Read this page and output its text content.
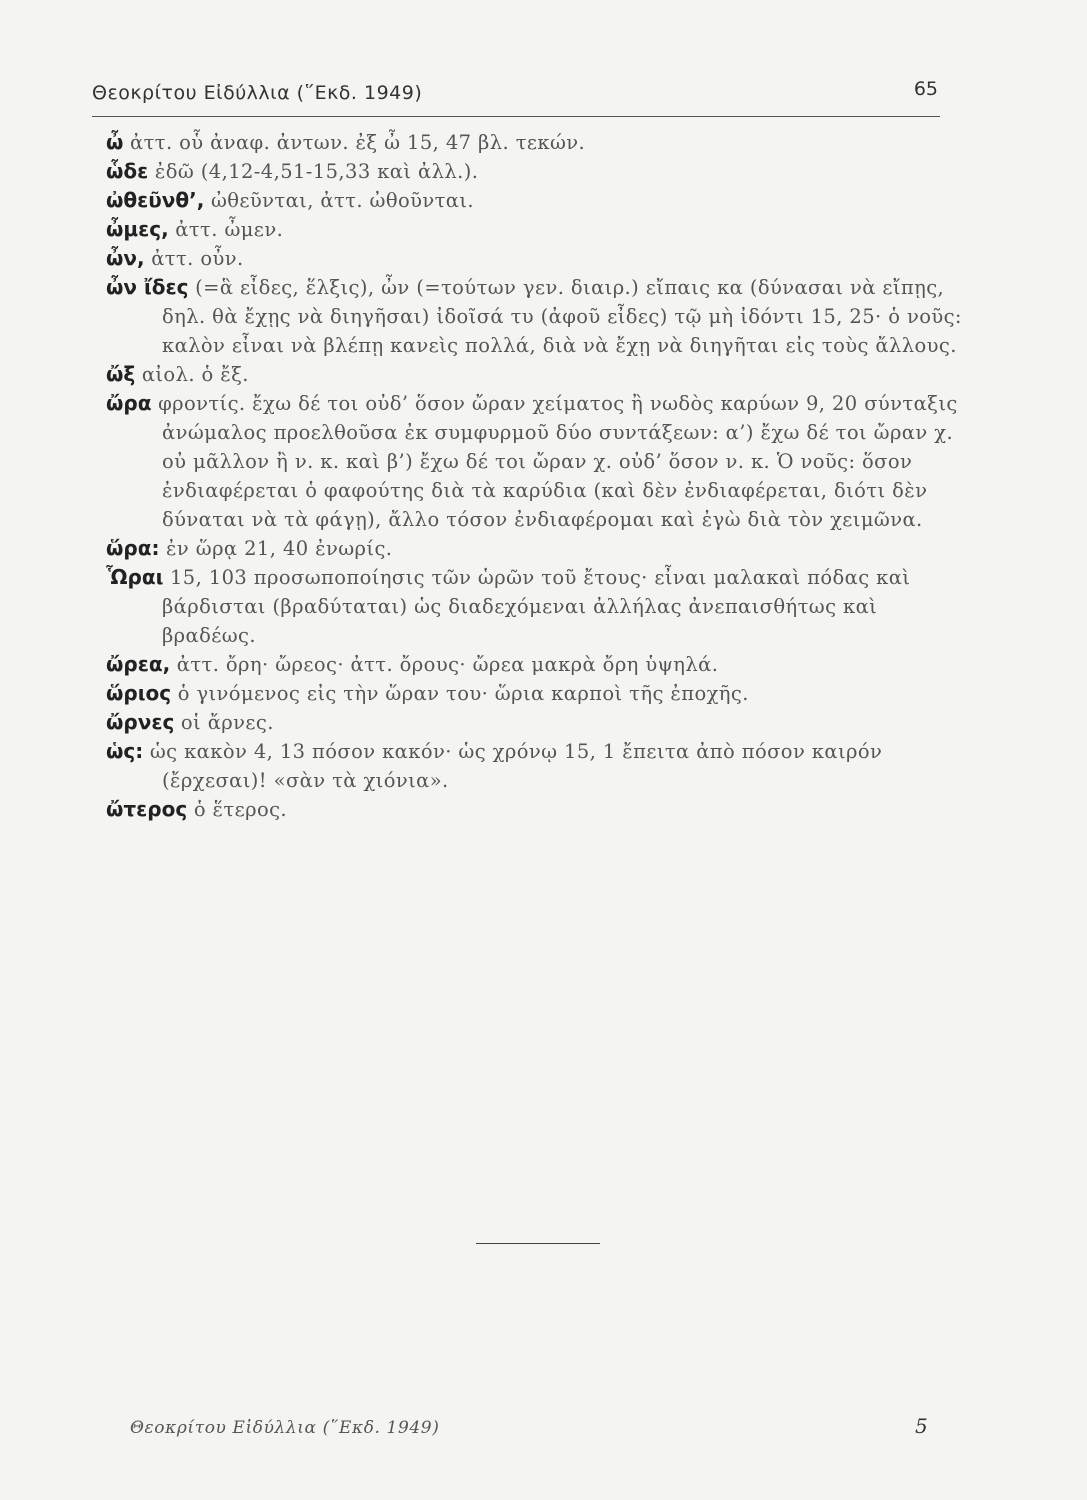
Θεοκρίτου Εἰδύλλια (῞Εκδ. 1949)	65

ὦ ἀττ. οὗ ἀναφ. ἀντων. ἐξ ὦ 15, 47 βλ. τεκών.

ὧδε ἐδῶ (4,12-4,51-15,33 καὶ ἀλλ.).

ὠθεῦνθ’, ὠθεῦνται, ἀττ. ὠθοῦνται.

ὦμες, ἀττ. ὦμεν.

ὦν, ἀττ. οὖν.

ὦν ἴδες (=ἃ εἶδες, ἕλξις), ὦν (=τούτων γεν. διαιρ.) εἴπαις κα (δύνασαι νὰ εἴπῃς, δηλ. θὰ ἔχῃς νὰ διηγῆσαι) ἰδοῖσά τυ (ἀφοῦ εἶδες) τῷ μὴ ἰδόντι 15, 25· ὁ νοῦς: καλὸν εἶναι νὰ βλέπῃ κανεὶς πολλά, διὰ νὰ ἔχῃ νὰ διηγῆται εἰς τοὺς ἄλλους.

ὤξ αἰολ. ὁ ἔξ.

ὤρα φροντίς. ἔχω δέ τοι οὐδ’ ὅσον ὤραν χείματος ἢ νωδὸς καρύων 9, 20 σύνταξις ἀνώμαλος προελθοῦσα ἐκ συμφυρμοῦ δύο συντάξεων: α’) ἔχω δέ τοι ὤραν χ. οὐ μᾶλλον ἢ ν. κ. καὶ β’) ἔχω δέ τοι ὤραν χ. οὐδ’ ὅσον ν. κ. Ὁ νοῦς: ὅσον ἐνδιαφέρεται ὁ φαφούτης διὰ τὰ καρύδια (καὶ δὲν ἐνδιαφέρεται, διότι δὲν δύναται νὰ τὰ φάγῃ), ἄλλο τόσον ἐνδιαφέρομαι καὶ ἐγὼ διὰ τὸν χειμῶνα.

ὥρα: ἐν ὥρᾳ 21, 40 ἐνωρίς.

Ὧραι 15, 103 προσωποποίησις τῶν ὡρῶν τοῦ ἔτους· εἶναι μαλακαὶ πόδας καὶ βάρδισται (βραδύταται) ὡς διαδεχόμεναι ἀλλήλας ἀνεπαισθήτως καὶ βραδέως.

ὤρεα, ἀττ. ὄρη· ὤρεος· ἀττ. ὄρους· ὤρεα μακρὰ ὄρη ὑψηλά.

ὥριος ὁ γινόμενος εἰς τὴν ὥραν του· ὥρια καρποὶ τῆς ἐποχῆς.

ὤρνες οἱ ἄρνες.

ὡς: ὡς κακὸν 4, 13 πόσον κακόν· ὡς χρόνῳ 15, 1 ἔπειτα ἀπὸ πόσον καιρόν (ἔρχεσαι)! «σὰν τὰ χιόνια».

ὤτερος ὁ ἕτερος.

Θεοκρίτου Εἰδύλλια (῞Εκδ. 1949)	5
